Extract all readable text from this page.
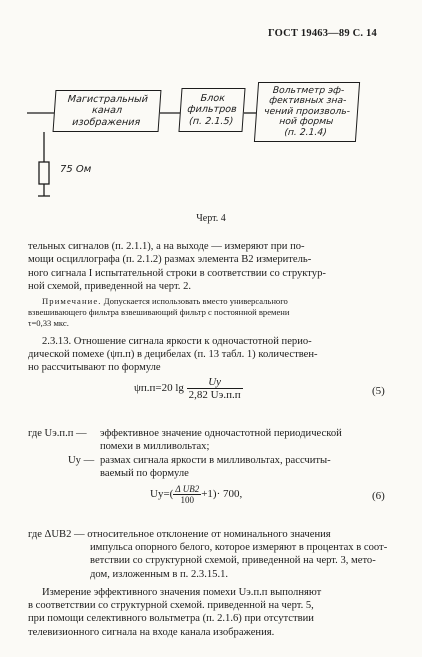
ГОСТ 19463—89 С. 14
Магистральный
канал
изображения
Блок
фильтров
(п. 2.1.5)
Вольтметр эф-
фективных зна-
чений произволь-
ной формы
(п. 2.1.4)
75 Ом
Черт. 4
тельных сигналов (п. 2.1.1), а на выходе — измеряют при по-
мощи осциллографа (п. 2.1.2) размах элемента В2 измеритель-
ного сигнала I испытательной строки в соответствии со структур-
ной схемой, приведенной на черт. 2.
Примечание. Допускается использовать вместо универсального
взвешивающего фильтра взвешивающий фильтр с постоянной времени
τ=0,33 мкс.
2.3.13. Отношение сигнала яркости к одночастотной перио-
дической помехе (ψп.п) в децибелах (п. 13 табл. 1) количествен-
но рассчитывают по формуле
ψп.п=20 $\lg \frac{Uу}{2,82 Uэ.п.п}$	(5)
где Uэ.п.п — эффективное значение одночастотной периодической
помехи в милливольтах;
Uу — размах сигнала яркости в милливольтах, рассчиты-
ваемый по формуле
$Uу=( \frac{\text{Δ UB2}}{100} +1)\cdot 700$,	(6)
где ΔUB2 — относительное отклонение от номинального значения
импульса опорного белого, которое измеряют в процентах в соот-
ветствии со структурной схемой, приведенной на черт. 3, мето-
дом, изложенным в п. 2.3.15.1.
Измерение эффективного значения помехи Uэ.п.п выполняют
в соответствии со структурной схемой. приведенной на черт. 5,
при помощи селективного вольтметра (п. 2.1.6) при отсутствии
телевизионного сигнала на входе канала изображения.
